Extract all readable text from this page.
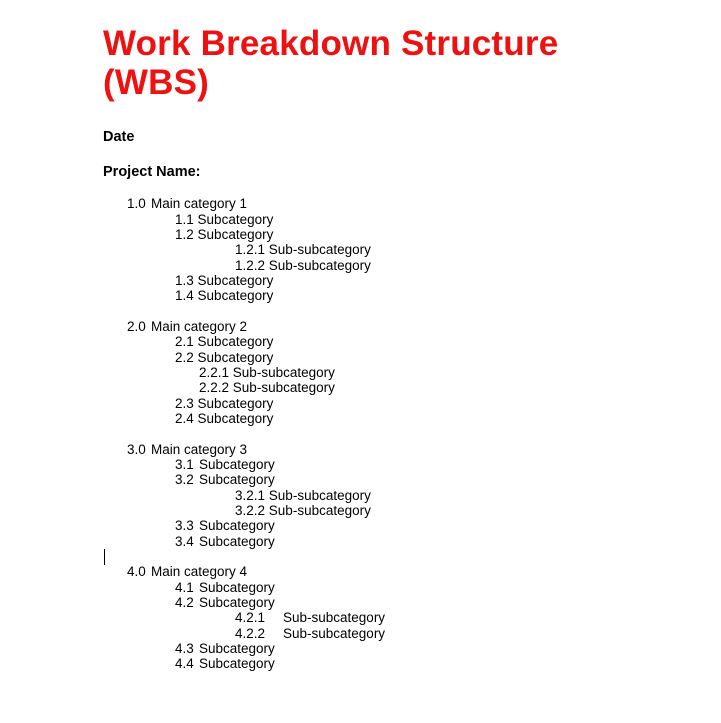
Work Breakdown Structure
(WBS)
Date
Project Name:
1.0 Main category 1
1.1 Subcategory
1.2 Subcategory
1.2.1 Sub-subcategory
1.2.2 Sub-subcategory
1.3 Subcategory
1.4 Subcategory
2.0 Main category 2
2.1 Subcategory
2.2 Subcategory
2.2.1 Sub-subcategory
2.2.2 Sub-subcategory
2.3 Subcategory
2.4 Subcategory
3.0 Main category 3
3.1 Subcategory
3.2 Subcategory
3.2.1 Sub-subcategory
3.2.2 Sub-subcategory
3.3 Subcategory
3.4 Subcategory
4.0 Main category 4
4.1 Subcategory
4.2 Subcategory
4.2.1 Sub-subcategory
4.2.2 Sub-subcategory
4.3 Subcategory
4.4 Subcategory
